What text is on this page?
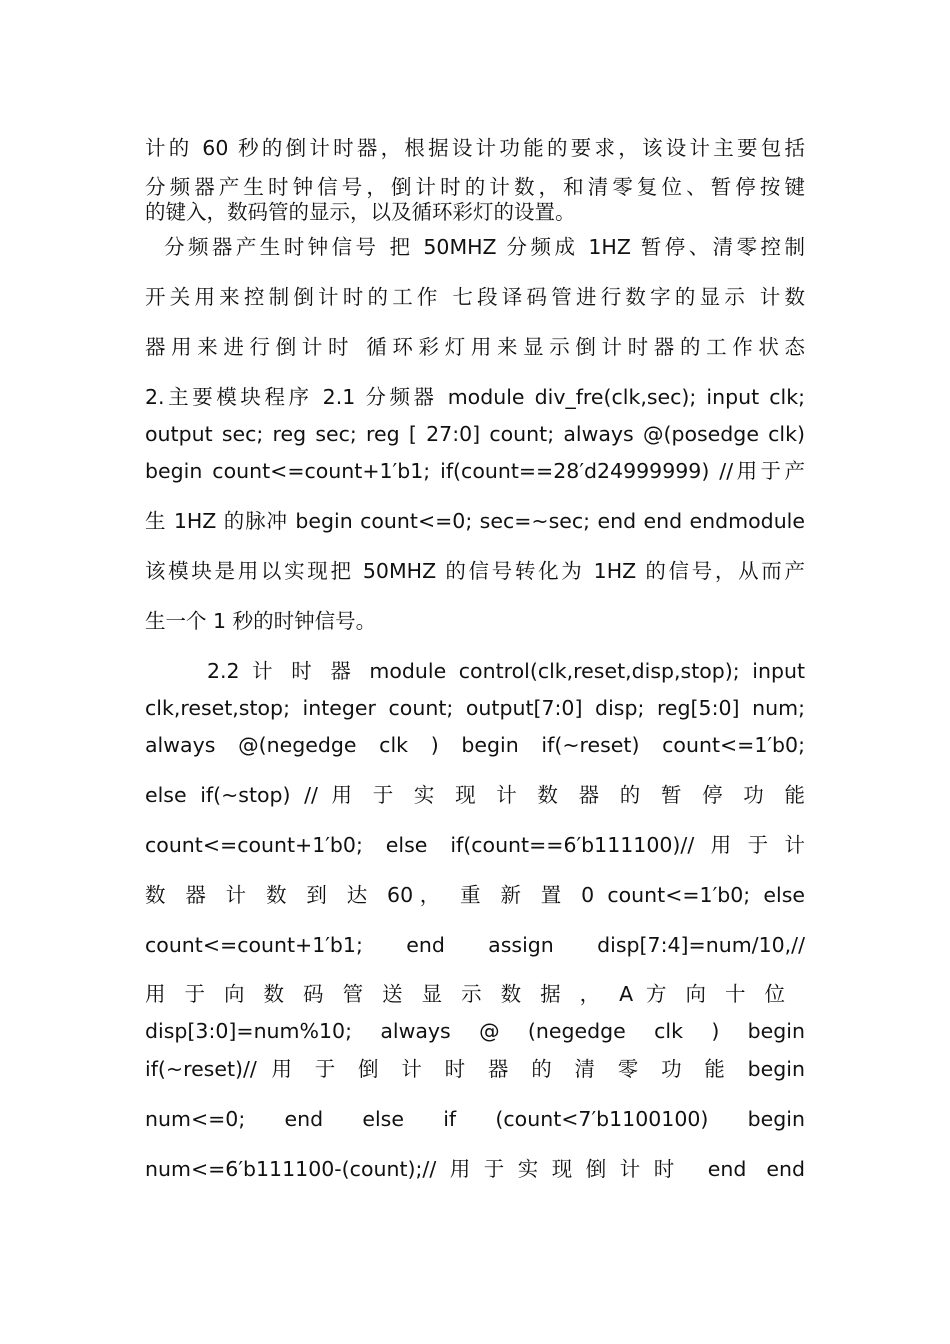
计的 60 秒的倒计时器，根据设计功能的要求，该设计主要包括
分频器产生时钟信号，倒计时的计数，和清零复位、暂停按键
的键入，数码管的显示，以及循环彩灯的设置。
分频器产生时钟信号 把 50MHZ 分频成 1HZ 暂停、清零控制
开关用来控制倒计时的工作 七段译码管进行数字的显示 计数
器用来进行倒计时 循环彩灯用来显示倒计时器的工作状态
2.主要模块程序 2.1 分频器 module div_fre(clk,sec); input clk;
output sec; reg sec; reg [ 27:0] count; always @(posedge clk)
begin count<=count+1′b1; if(count==28′d24999999) //用于产
生 1HZ 的脉冲 begin count<=0; sec=~sec; end end endmodule
该模块是用以实现把 50MHZ 的信号转化为 1HZ 的信号，从而产
生一个 1 秒的时钟信号。
2.2 计 时 器 module control(clk,reset,disp,stop); input
clk,reset,stop; integer count; output[7:0] disp; reg[5:0] num;
always @(negedge clk ) begin if(~reset) count<=1′b0;
else if(~stop) // 用 于 实 现 计 数 器 的 暂 停 功 能
count<=count+1′b0; else if(count==6′b111100)//用于计
数 器 计 数 到 达 60， 重 新 置 0 count<=1′b0; else
count<=count+1′b1; end assign disp[7:4]=num/10,//
用 于 向 数 码 管 送 显 示 数 据 ， A 方 向 十 位
disp[3:0]=num%10; always @ (negedge clk ) begin
if(~reset)// 用 于 倒 计 时 器 的 清 零 功 能 begin
num<=0; end else if (count<7′b1100100) begin
num<=6′b111100-(count);//用于实现倒计时 end end
